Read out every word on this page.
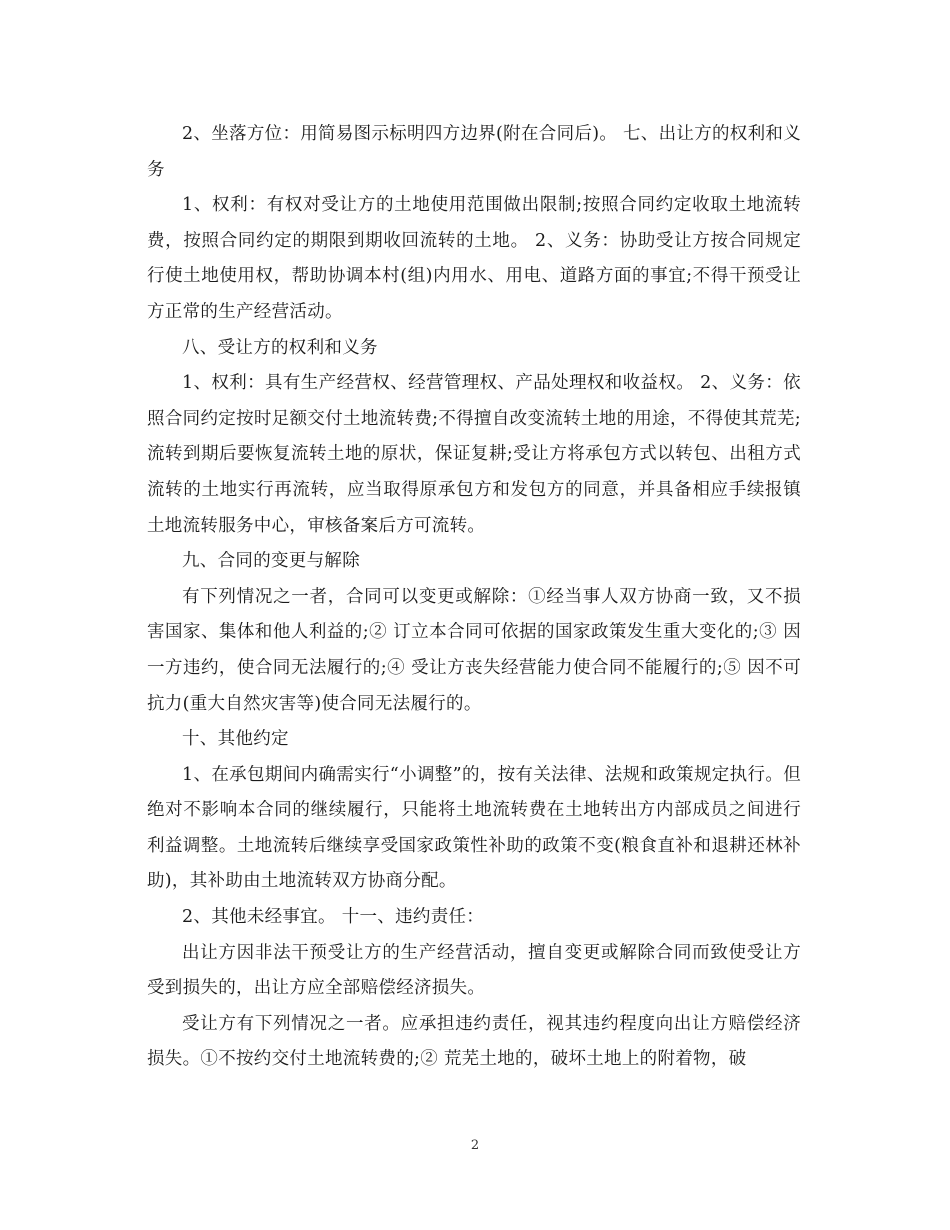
2、坐落方位：用简易图示标明四方边界(附在合同后)。 七、出让方的权利和义务

1、权利：有权对受让方的土地使用范围做出限制;按照合同约定收取土地流转费，按照合同约定的期限到期收回流转的土地。 2、义务：协助受让方按合同规定行使土地使用权，帮助协调本村(组)内用水、用电、道路方面的事宜;不得干预受让方正常的生产经营活动。

八、受让方的权利和义务

1、权利：具有生产经营权、经营管理权、产品处理权和收益权。 2、义务：依照合同约定按时足额交付土地流转费;不得擅自改变流转土地的用途，不得使其荒芜;流转到期后要恢复流转土地的原状，保证复耕;受让方将承包方式以转包、出租方式流转的土地实行再流转，应当取得原承包方和发包方的同意，并具备相应手续报镇土地流转服务中心，审核备案后方可流转。

九、合同的变更与解除

有下列情况之一者，合同可以变更或解除：①经当事人双方协商一致，又不损害国家、集体和他人利益的;② 订立本合同可依据的国家政策发生重大变化的;③ 因一方违约，使合同无法履行的;④ 受让方丧失经营能力使合同不能履行的;⑤ 因不可抗力(重大自然灾害等)使合同无法履行的。

十、其他约定

1、在承包期间内确需实行“小调整”的，按有关法律、法规和政策规定执行。但绝对不影响本合同的继续履行，只能将土地流转费在土地转出方内部成员之间进行利益调整。土地流转后继续享受国家政策性补助的政策不变(粮食直补和退耕还林补助)，其补助由土地流转双方协商分配。

2、其他未经事宜。 十一、违约责任：

出让方因非法干预受让方的生产经营活动，擅自变更或解除合同而致使受让方受到损失的，出让方应全部赔偿经济损失。

受让方有下列情况之一者。应承担违约责任，视其违约程度向出让方赔偿经济损失。①不按约交付土地流转费的;② 荒芜土地的，破坏土地上的附着物，破

2
